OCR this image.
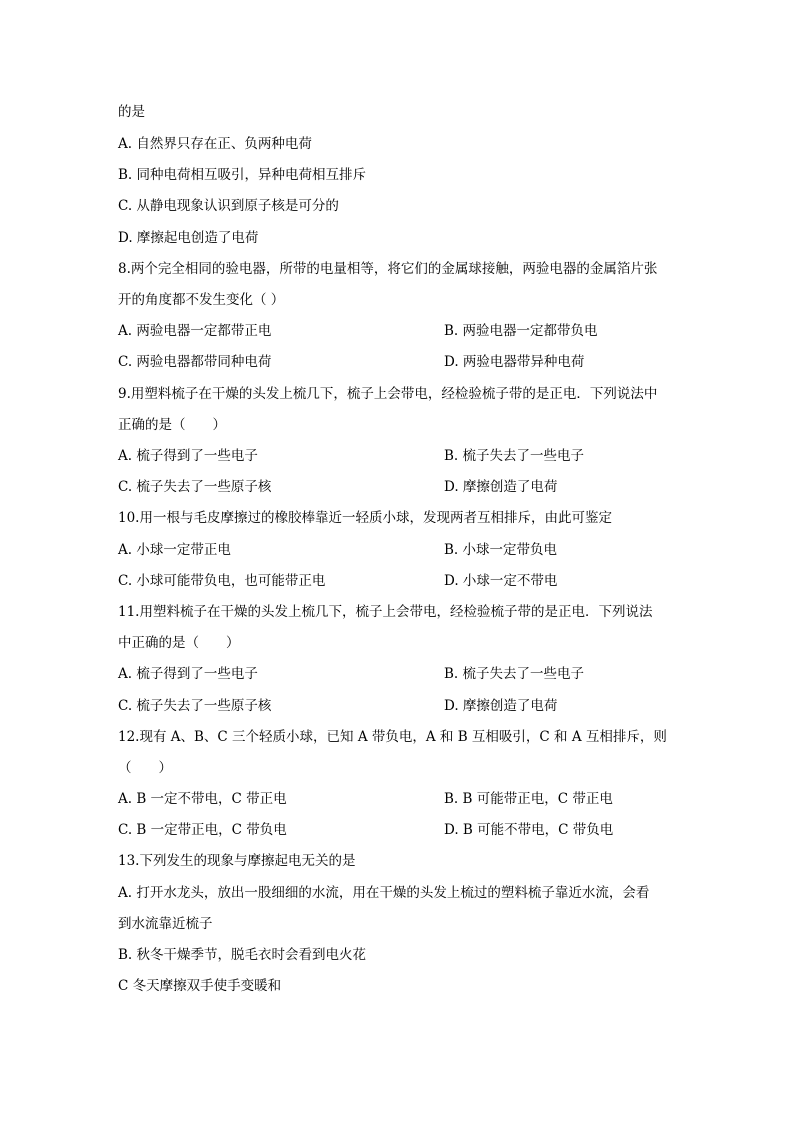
的是
A. 自然界只存在正、负两种电荷
B. 同种电荷相互吸引，异种电荷相互排斥
C. 从静电现象认识到原子核是可分的
D. 摩擦起电创造了电荷
8.两个完全相同的验电器，所带的电量相等，将它们的金属球接触，两验电器的金属箔片张
开的角度都不发生变化（ ）
A. 两验电器一定都带正电	B. 两验电器一定都带负电
C. 两验电器都带同种电荷	D. 两验电器带异种电荷
9.用塑料梳子在干燥的头发上梳几下，梳子上会带电，经检验梳子带的是正电．下列说法中
正确的是（　　）
A. 梳子得到了一些电子	B. 梳子失去了一些电子
C. 梳子失去了一些原子核	D. 摩擦创造了电荷
10.用一根与毛皮摩擦过的橡胶棒靠近一轻质小球，发现两者互相排斥，由此可鉴定
A. 小球一定带正电	B. 小球一定带负电
C. 小球可能带负电，也可能带正电	D. 小球一定不带电
11.用塑料梳子在干燥的头发上梳几下，梳子上会带电，经检验梳子带的是正电．下列说法
中正确的是（　　）
A. 梳子得到了一些电子	B. 梳子失去了一些电子
C. 梳子失去了一些原子核	D. 摩擦创造了电荷
12.现有 A、B、C 三个轻质小球，已知 A 带负电，A 和 B 互相吸引，C 和 A 互相排斥，则
（　　）
A. B 一定不带电，C 带正电	B. B 可能带正电，C 带正电
C. B 一定带正电，C 带负电	D. B 可能不带电，C 带负电
13.下列发生的现象与摩擦起电无关的是
A. 打开水龙头，放出一股细细的水流，用在干燥的头发上梳过的塑料梳子靠近水流，会看
到水流靠近梳子
B. 秋冬干燥季节，脱毛衣时会看到电火花
C 冬天摩擦双手使手变暖和
